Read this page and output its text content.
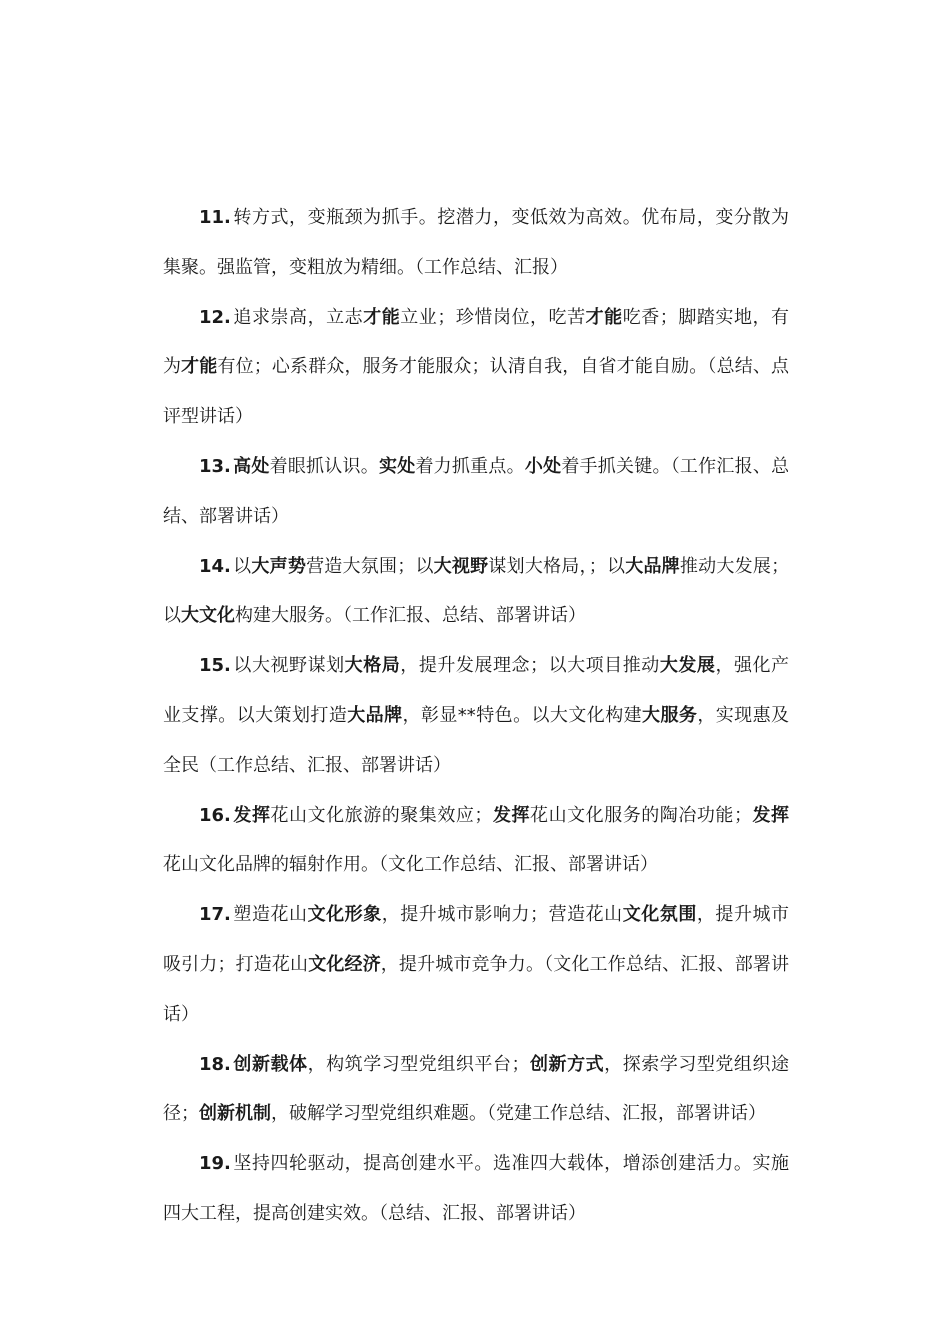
11. 转方式，变瓶颈为抓手。挖潜力，变低效为高效。优布局，变分散为集聚。强监管，变粗放为精细。（工作总结、汇报）

12. 追求崇高，立志才能立业；珍惜岗位，吃苦才能吃香；脚踏实地，有为才能有位；心系群众，服务才能服众；认清自我，自省才能自励。（总结、点评型讲话）

13. 高处着眼抓认识。实处着力抓重点。小处着手抓关键。（工作汇报、总结、部署讲话）

14. 以大声势营造大氛围；以大视野谋划大格局，；以大品牌推动大发展；以大文化构建大服务。（工作汇报、总结、部署讲话）

15. 以大视野谋划大格局，提升发展理念；以大项目推动大发展，强化产业支撑。以大策划打造大品牌，彰显**特色。以大文化构建大服务，实现惠及全民（工作总结、汇报、部署讲话）

16. 发挥花山文化旅游的聚集效应；发挥花山文化服务的陶冶功能；发挥花山文化品牌的辐射作用。（文化工作总结、汇报、部署讲话）

17. 塑造花山文化形象，提升城市影响力；营造花山文化氛围，提升城市吸引力；打造花山文化经济，提升城市竞争力。（文化工作总结、汇报、部署讲话）

18. 创新载体，构筑学习型党组织平台；创新方式，探索学习型党组织途径；创新机制，破解学习型党组织难题。（党建工作总结、汇报，部署讲话）

19. 坚持四轮驱动，提高创建水平。选准四大载体，增添创建活力。实施四大工程，提高创建实效。（总结、汇报、部署讲话）
